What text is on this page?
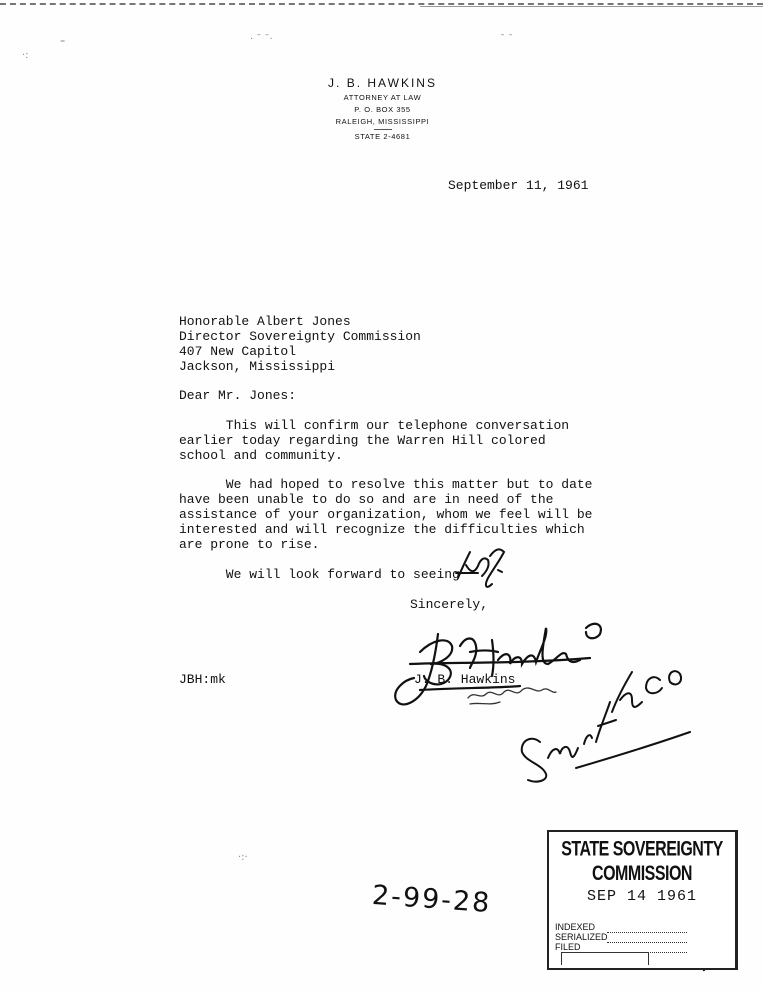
⁼
·:
· ˉ ˉ·	ˉ ˉ
·:·
J. B. HAWKINS
ATTORNEY AT LAW
P. O. BOX 355
RALEIGH, MISSISSIPPI
STATE 2-4681
September 11, 1961
Honorable Albert Jones
Director Sovereignty Commission
407 New Capitol
Jackson, Mississippi
Dear Mr. Jones:
This will confirm our telephone conversation
earlier today regarding the Warren Hill colored
school and community.
We had hoped to resolve this matter but to date
have been unable to do so and are in need of the
assistance of your organization, whom we feel will be
interested and will recognize the difficulties which
are prone to rise.
We will look forward to seeing
Sincerely,
JBH:mk	J. B. Hawkins
2-99-28
STATE SOVEREIGNTY COMMISSION
SEP 14 1961
INDEXED
SERIALIZED
FILED
